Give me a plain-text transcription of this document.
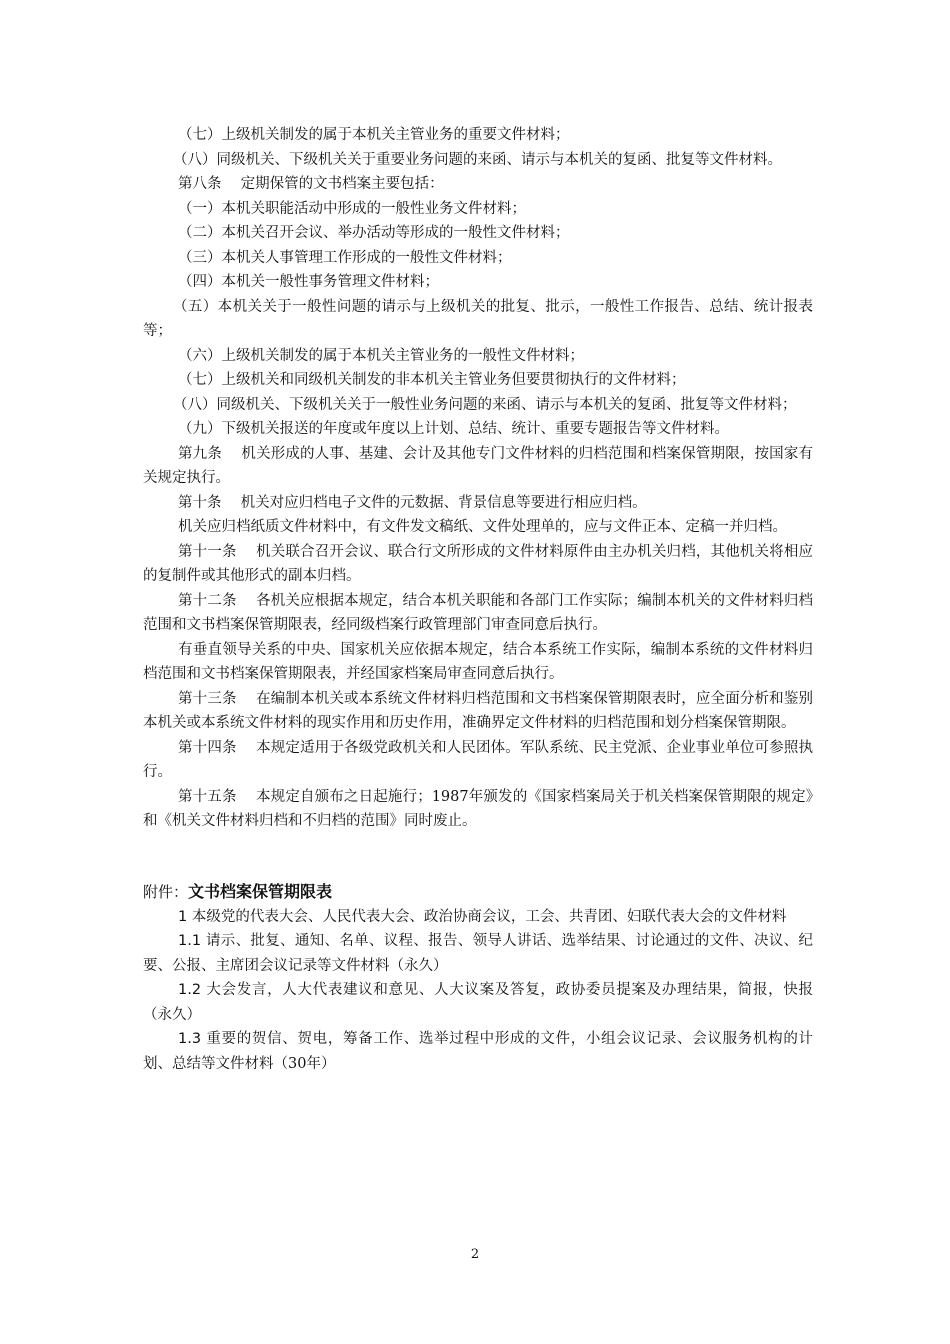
（七）上级机关制发的属于本机关主管业务的重要文件材料；

（八）同级机关、下级机关关于重要业务问题的来函、请示与本机关的复函、批复等文件材料。

第八条　 定期保管的文书档案主要包括：

（一）本机关职能活动中形成的一般性业务文件材料；

（二）本机关召开会议、举办活动等形成的一般性文件材料；

（三）本机关人事管理工作形成的一般性文件材料；

（四）本机关一般性事务管理文件材料；

（五）本机关关于一般性问题的请示与上级机关的批复、批示，一般性工作报告、总结、统计报表等；

（六）上级机关制发的属于本机关主管业务的一般性文件材料；

（七）上级机关和同级机关制发的非本机关主管业务但要贯彻执行的文件材料；

（八）同级机关、下级机关关于一般性业务问题的来函、请示与本机关的复函、批复等文件材料；

（九）下级机关报送的年度或年度以上计划、总结、统计、重要专题报告等文件材料。

第九条　 机关形成的人事、基建、会计及其他专门文件材料的归档范围和档案保管期限，按国家有关规定执行。

第十条　 机关对应归档电子文件的元数据、背景信息等要进行相应归档。

机关应归档纸质文件材料中，有文件发文稿纸、文件处理单的，应与文件正本、定稿一并归档。

第十一条　 机关联合召开会议、联合行文所形成的文件材料原件由主办机关归档，其他机关将相应的复制件或其他形式的副本归档。

第十二条　 各机关应根据本规定，结合本机关职能和各部门工作实际；编制本机关的文件材料归档范围和文书档案保管期限表，经同级档案行政管理部门审查同意后执行。

有垂直领导关系的中央、国家机关应依据本规定，结合本系统工作实际，编制本系统的文件材料归档范围和文书档案保管期限表，并经国家档案局审查同意后执行。

第十三条　 在编制本机关或本系统文件材料归档范围和文书档案保管期限表时，应全面分析和鉴别本机关或本系统文件材料的现实作用和历史作用，准确界定文件材料的归档范围和划分档案保管期限。

第十四条　 本规定适用于各级党政机关和人民团体。军队系统、民主党派、企业事业单位可参照执行。

第十五条　 本规定自颁布之日起施行；1987年颁发的《国家档案局关于机关档案保管期限的规定》和《机关文件材料归档和不归档的范围》同时废止。

附件：文书档案保管期限表

1 本级党的代表大会、人民代表大会、政治协商会议，工会、共青团、妇联代表大会的文件材料

1.1 请示、批复、通知、名单、议程、报告、领导人讲话、选举结果、讨论通过的文件、决议、纪要、公报、主席团会议记录等文件材料（永久）

1.2 大会发言，人大代表建议和意见、人大议案及答复，政协委员提案及办理结果，简报，快报（永久）

1.3 重要的贺信、贺电，筹备工作、选举过程中形成的文件，小组会议记录、会议服务机构的计划、总结等文件材料（30年）

2
